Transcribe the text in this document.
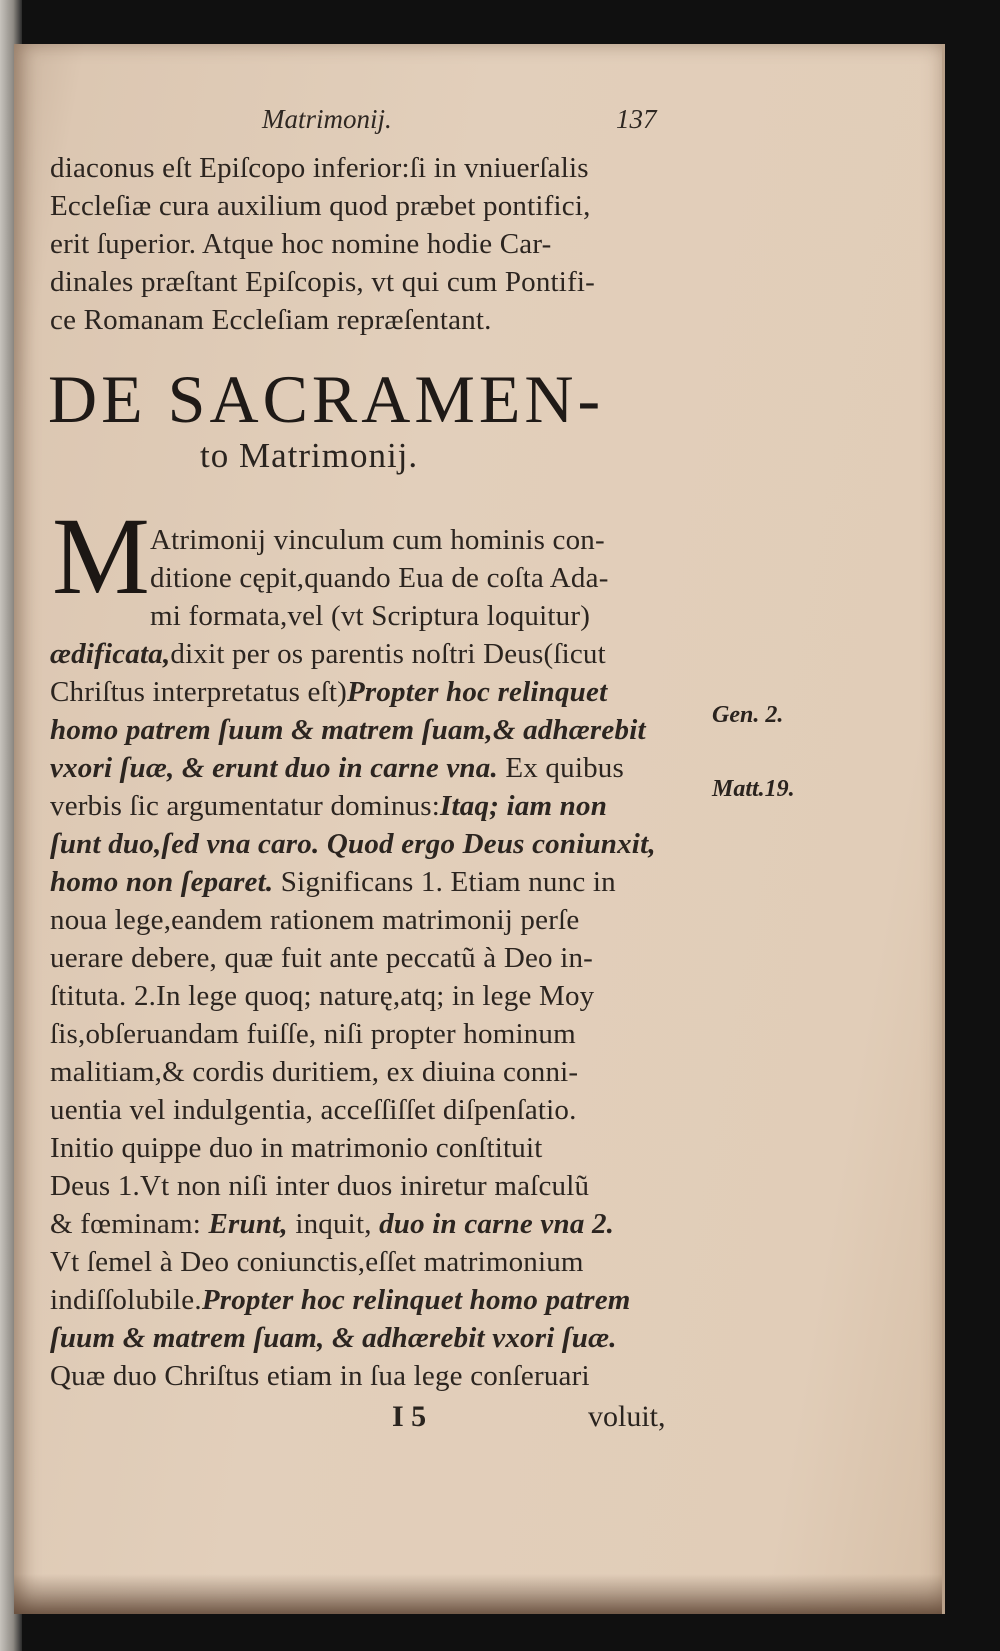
Matrimonij.	137
diaconus eſt Epiſcopo inferior:ſi in vniuerſalis
Eccleſiæ cura auxilium quod præbet pontifici,
erit ſuperior. Atque hoc nomine hodie Car-
dinales præſtant Epiſcopis, vt qui cum Pontifi-
ce Romanam Eccleſiam repræſentant.
DE SACRAMEN-
to Matrimonij.
M Atrimonij vinculum cum hominis con-
ditione cępit,quando Eua de coſta Ada-
mi formata,vel (vt Scriptura loquitur)
ædificata,dixit per os parentis noſtri Deus(ſicut
Chriſtus interpretatus eſt)Propter hoc relinquet
homo patrem ſuum & matrem ſuam,& adhærebit
vxori ſuæ, & erunt duo in carne vna. Ex quibus
verbis ſic argumentatur dominus:Itaq; iam non
ſunt duo,ſed vna caro. Quod ergo Deus coniunxit,
homo non ſeparet. Significans 1. Etiam nunc in
noua lege,eandem rationem matrimonij perſe
uerare debere, quæ fuit ante peccatũ à Deo in-
ſtituta. 2.In lege quoq; naturę,atq; in lege Moy
ſis,obſeruandam fuiſſe, niſi propter hominum
malitiam,& cordis duritiem, ex diuina conni-
uentia vel indulgentia, acceſſiſſet diſpenſatio.
Initio quippe duo in matrimonio conſtituit
Deus 1.Vt non niſi inter duos iniretur maſculũ
& fœminam: Erunt, inquit, duo in carne vna 2.
Vt ſemel à Deo coniunctis,eſſet matrimonium
indiſſolubile.Propter hoc relinquet homo patrem
ſuum & matrem ſuam, & adhærebit vxori ſuæ.
Quæ duo Chriſtus etiam in ſua lege conſeruari
Gen. 2.
Matt.19.
I 5	voluit,
